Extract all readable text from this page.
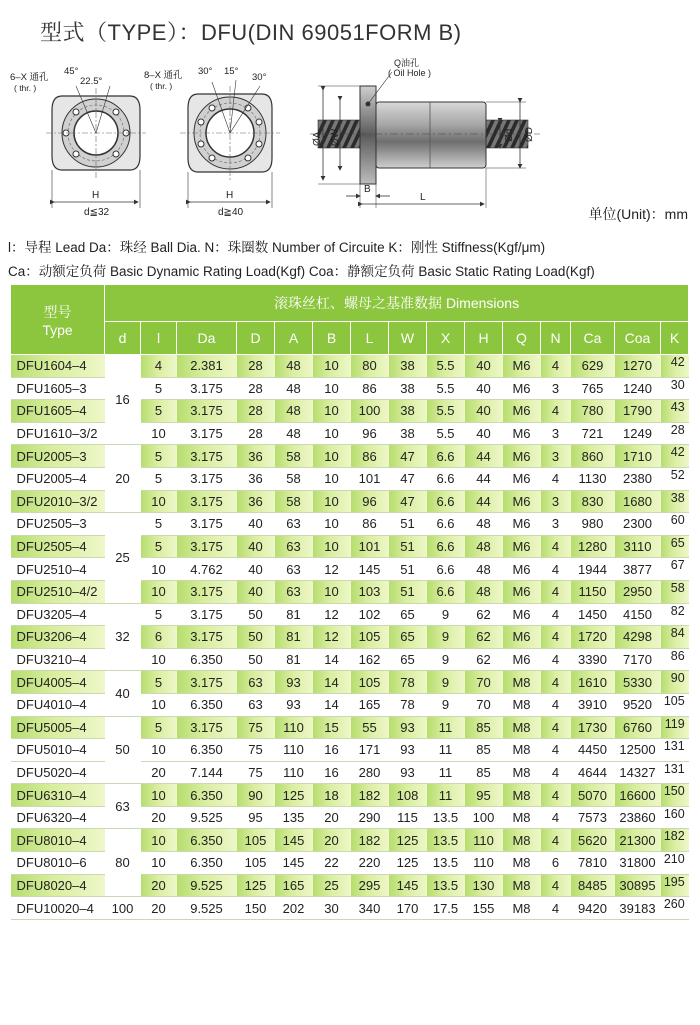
型式（TYPE）：DFU(DIN 69051FORM B)
6–X 通孔
( thr. )
45°
22.5°
H
d≦32
8–X 通孔
( thr. )
30° 15°
30°
H
d≧40
Q油孔
( Oil Hole )
ØA ØW	Ød ØD
B
L
单位(Unit)：mm
l：导程 Lead Da：珠经 Ball Dia. N：珠圈数 Number of Circuite K：刚性 Stiffness(Kgf/μm)
Ca：动额定负荷 Basic Dynamic Rating Load(Kgf) Coa：静额定负荷 Basic Static Rating Load(Kgf)
型号
Type	滚珠丝杠、螺母之基准数据 Dimensions														
	d	l	Da	D	A	B	L	W	X	H	Q	N	Ca	Coa	K
DFU1604–4	16	4	2.381	28	48	10	80	38	5.5	40	M6	4	629	1270	42
DFU1605–3		5	3.175	28	48	10	86	38	5.5	40	M6	3	765	1240	30
DFU1605–4		5	3.175	28	48	10	100	38	5.5	40	M6	4	780	1790	43
DFU1610–3/2		10	3.175	28	48	10	96	38	5.5	40	M6	3	721	1249	28
DFU2005–3	20	5	3.175	36	58	10	86	47	6.6	44	M6	3	860	1710	42
DFU2005–4		5	3.175	36	58	10	101	47	6.6	44	M6	4	1130	2380	52
DFU2010–3/2		10	3.175	36	58	10	96	47	6.6	44	M6	3	830	1680	38
DFU2505–3	25	5	3.175	40	63	10	86	51	6.6	48	M6	3	980	2300	60
DFU2505–4		5	3.175	40	63	10	101	51	6.6	48	M6	4	1280	3110	65
DFU2510–4		10	4.762	40	63	12	145	51	6.6	48	M6	4	1944	3877	67
DFU2510–4/2		10	3.175	40	63	10	103	51	6.6	48	M6	4	1150	2950	58
DFU3205–4	32	5	3.175	50	81	12	102	65	9	62	M6	4	1450	4150	82
DFU3206–4		6	3.175	50	81	12	105	65	9	62	M6	4	1720	4298	84
DFU3210–4		10	6.350	50	81	14	162	65	9	62	M6	4	3390	7170	86
DFU4005–4	40	5	3.175	63	93	14	105	78	9	70	M8	4	1610	5330	90
DFU4010–4		10	6.350	63	93	14	165	78	9	70	M8	4	3910	9520	105
DFU5005–4	50	5	3.175	75	110	15	55	93	11	85	M8	4	1730	6760	119
DFU5010–4		10	6.350	75	110	16	171	93	11	85	M8	4	4450	12500	131
DFU5020–4		20	7.144	75	110	16	280	93	11	85	M8	4	4644	14327	131
DFU6310–4	63	10	6.350	90	125	18	182	108	11	95	M8	4	5070	16600	150
DFU6320–4		20	9.525	95	135	20	290	115	13.5	100	M8	4	7573	23860	160
DFU8010–4	80	10	6.350	105	145	20	182	125	13.5	110	M8	4	5620	21300	182
DFU8010–6		10	6.350	105	145	22	220	125	13.5	110	M8	6	7810	31800	210
DFU8020–4		20	9.525	125	165	25	295	145	13.5	130	M8	4	8485	30895	195
DFU10020–4	100	20	9.525	150	202	30	340	170	17.5	155	M8	4	9420	39183	260
